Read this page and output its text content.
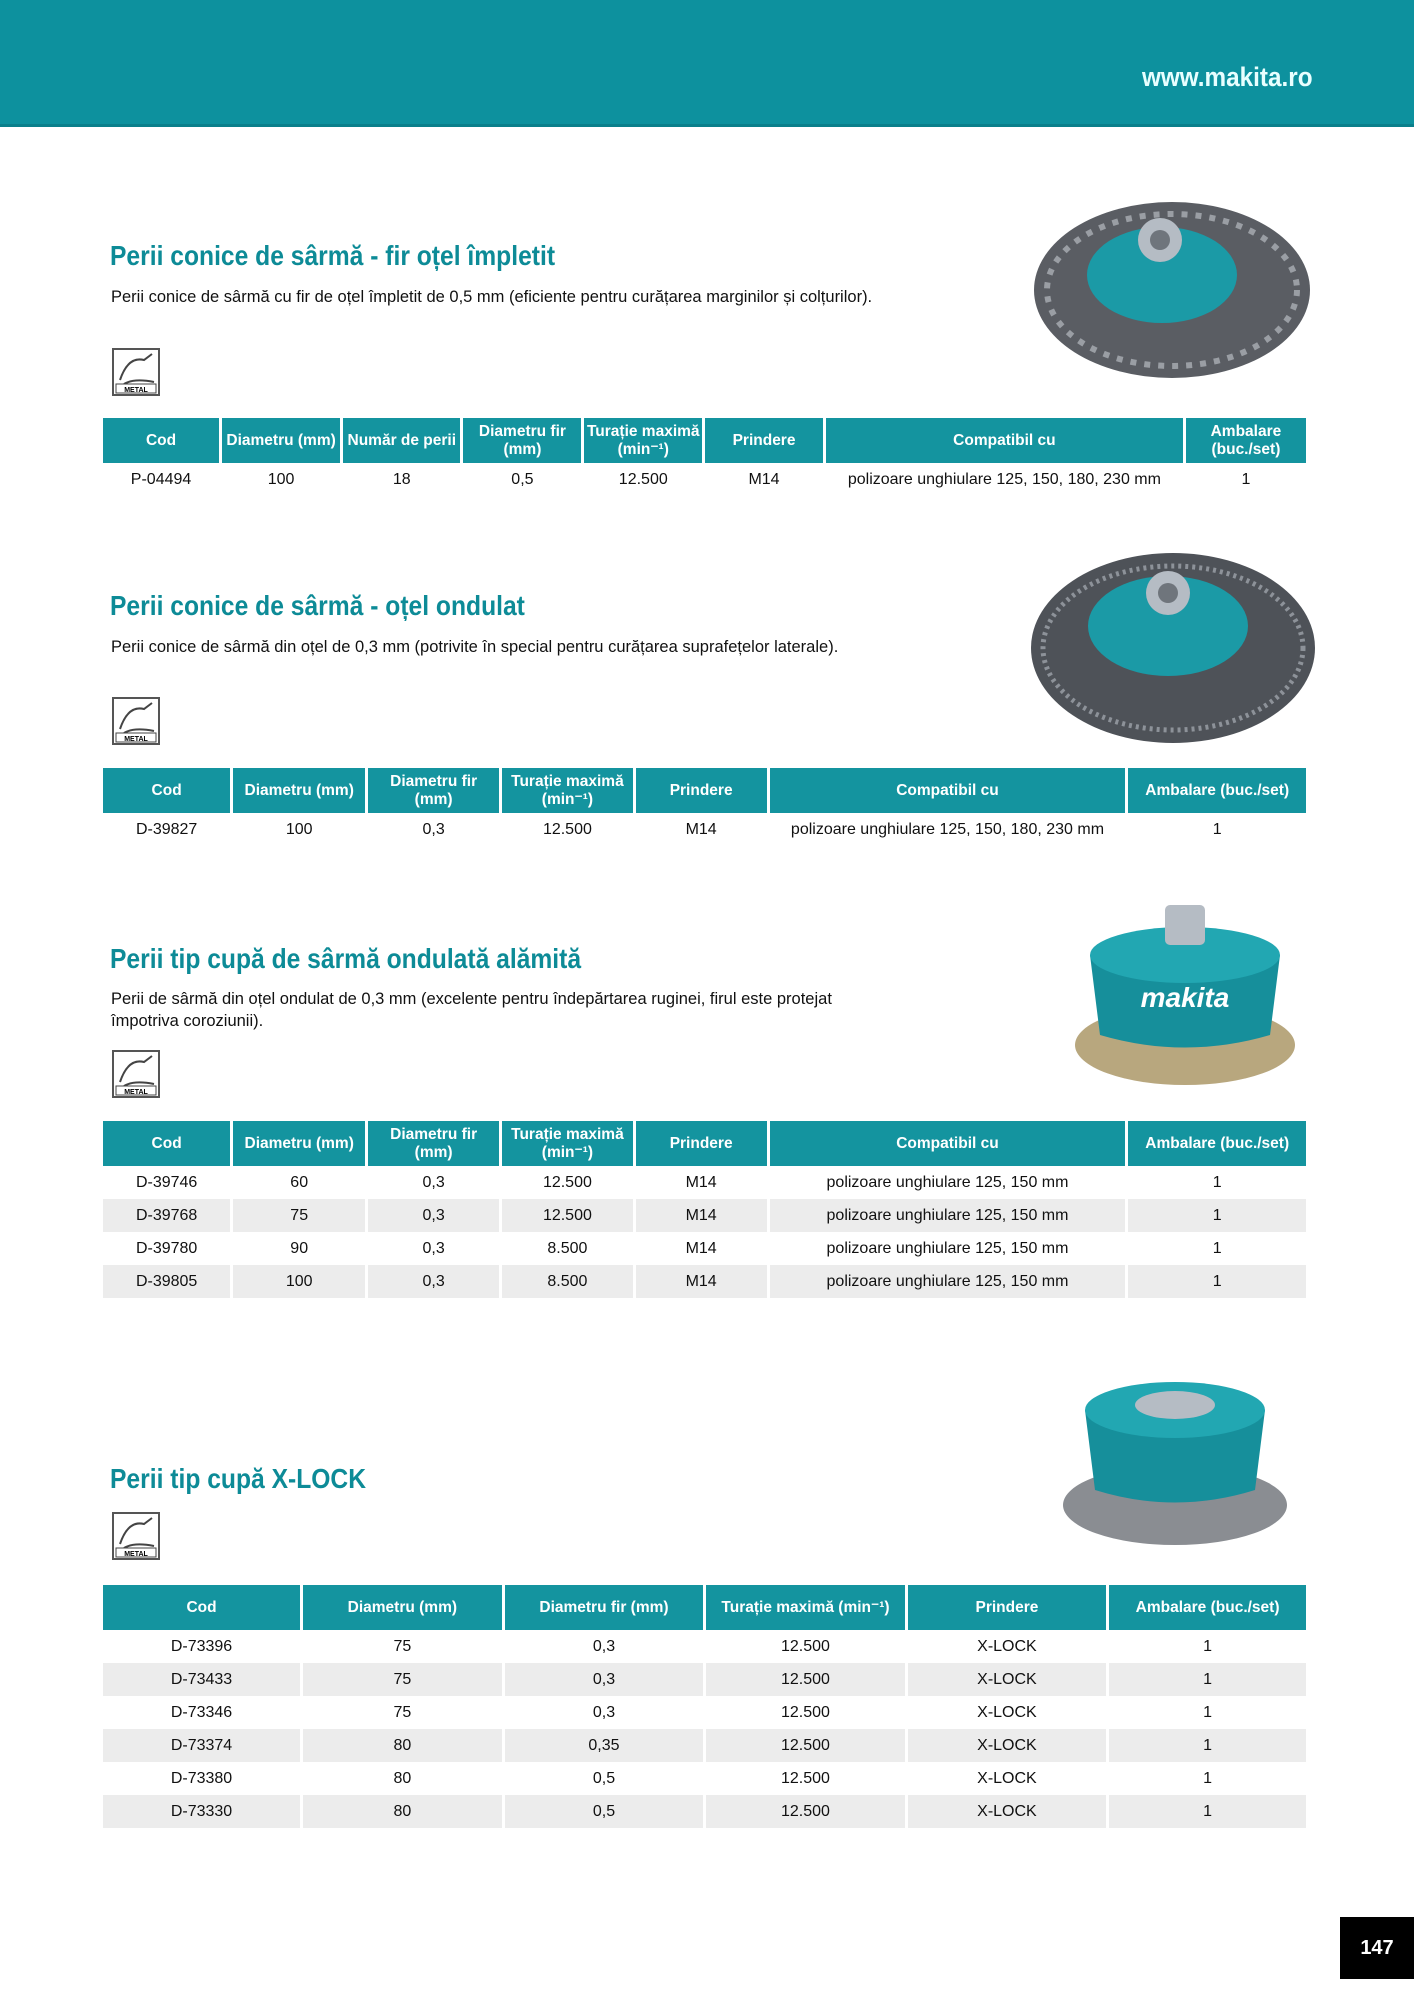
www.makita.ro
Perii conice de sârmă - fir oțel împletit
Perii conice de sârmă cu fir de oțel împletit de 0,5 mm (eficiente pentru curățarea marginilor și colțurilor).
METAL
Cod	Diametru (mm)	Număr de perii	Diametru fir (mm)	Turație maximă (min⁻¹)	Prindere	Compatibil cu	Ambalare (buc./set)
P-04494	100	18	0,5	12.500	M14	polizoare unghiulare 125, 150, 180, 230 mm	1
Perii conice de sârmă - oțel ondulat
Perii conice de sârmă din oțel de 0,3 mm (potrivite în special pentru curățarea suprafețelor laterale).
METAL
Cod	Diametru (mm)	Diametru fir (mm)	Turație maximă (min⁻¹)	Prindere	Compatibil cu	Ambalare (buc./set)
D-39827	100	0,3	12.500	M14	polizoare unghiulare 125, 150, 180, 230 mm	1
Perii tip cupă de sârmă ondulată alămită
Perii de sârmă din oțel ondulat de 0,3 mm (excelente pentru îndepărtarea ruginei, firul este protejat împotriva coroziunii).
METAL
Cod	Diametru (mm)	Diametru fir (mm)	Turație maximă (min⁻¹)	Prindere	Compatibil cu	Ambalare (buc./set)
D-39746	60	0,3	12.500	M14	polizoare unghiulare 125, 150 mm	1
D-39768	75	0,3	12.500	M14	polizoare unghiulare 125, 150 mm	1
D-39780	90	0,3	8.500	M14	polizoare unghiulare 125, 150 mm	1
D-39805	100	0,3	8.500	M14	polizoare unghiulare 125, 150 mm	1
makita
Perii tip cupă X-LOCK
METAL
Cod	Diametru (mm)	Diametru fir (mm)	Turație maximă (min⁻¹)	Prindere	Ambalare (buc./set)
D-73396	75	0,3	12.500	X-LOCK	1
D-73433	75	0,3	12.500	X-LOCK	1
D-73346	75	0,3	12.500	X-LOCK	1
D-73374	80	0,35	12.500	X-LOCK	1
D-73380	80	0,5	12.500	X-LOCK	1
D-73330	80	0,5	12.500	X-LOCK	1
147
